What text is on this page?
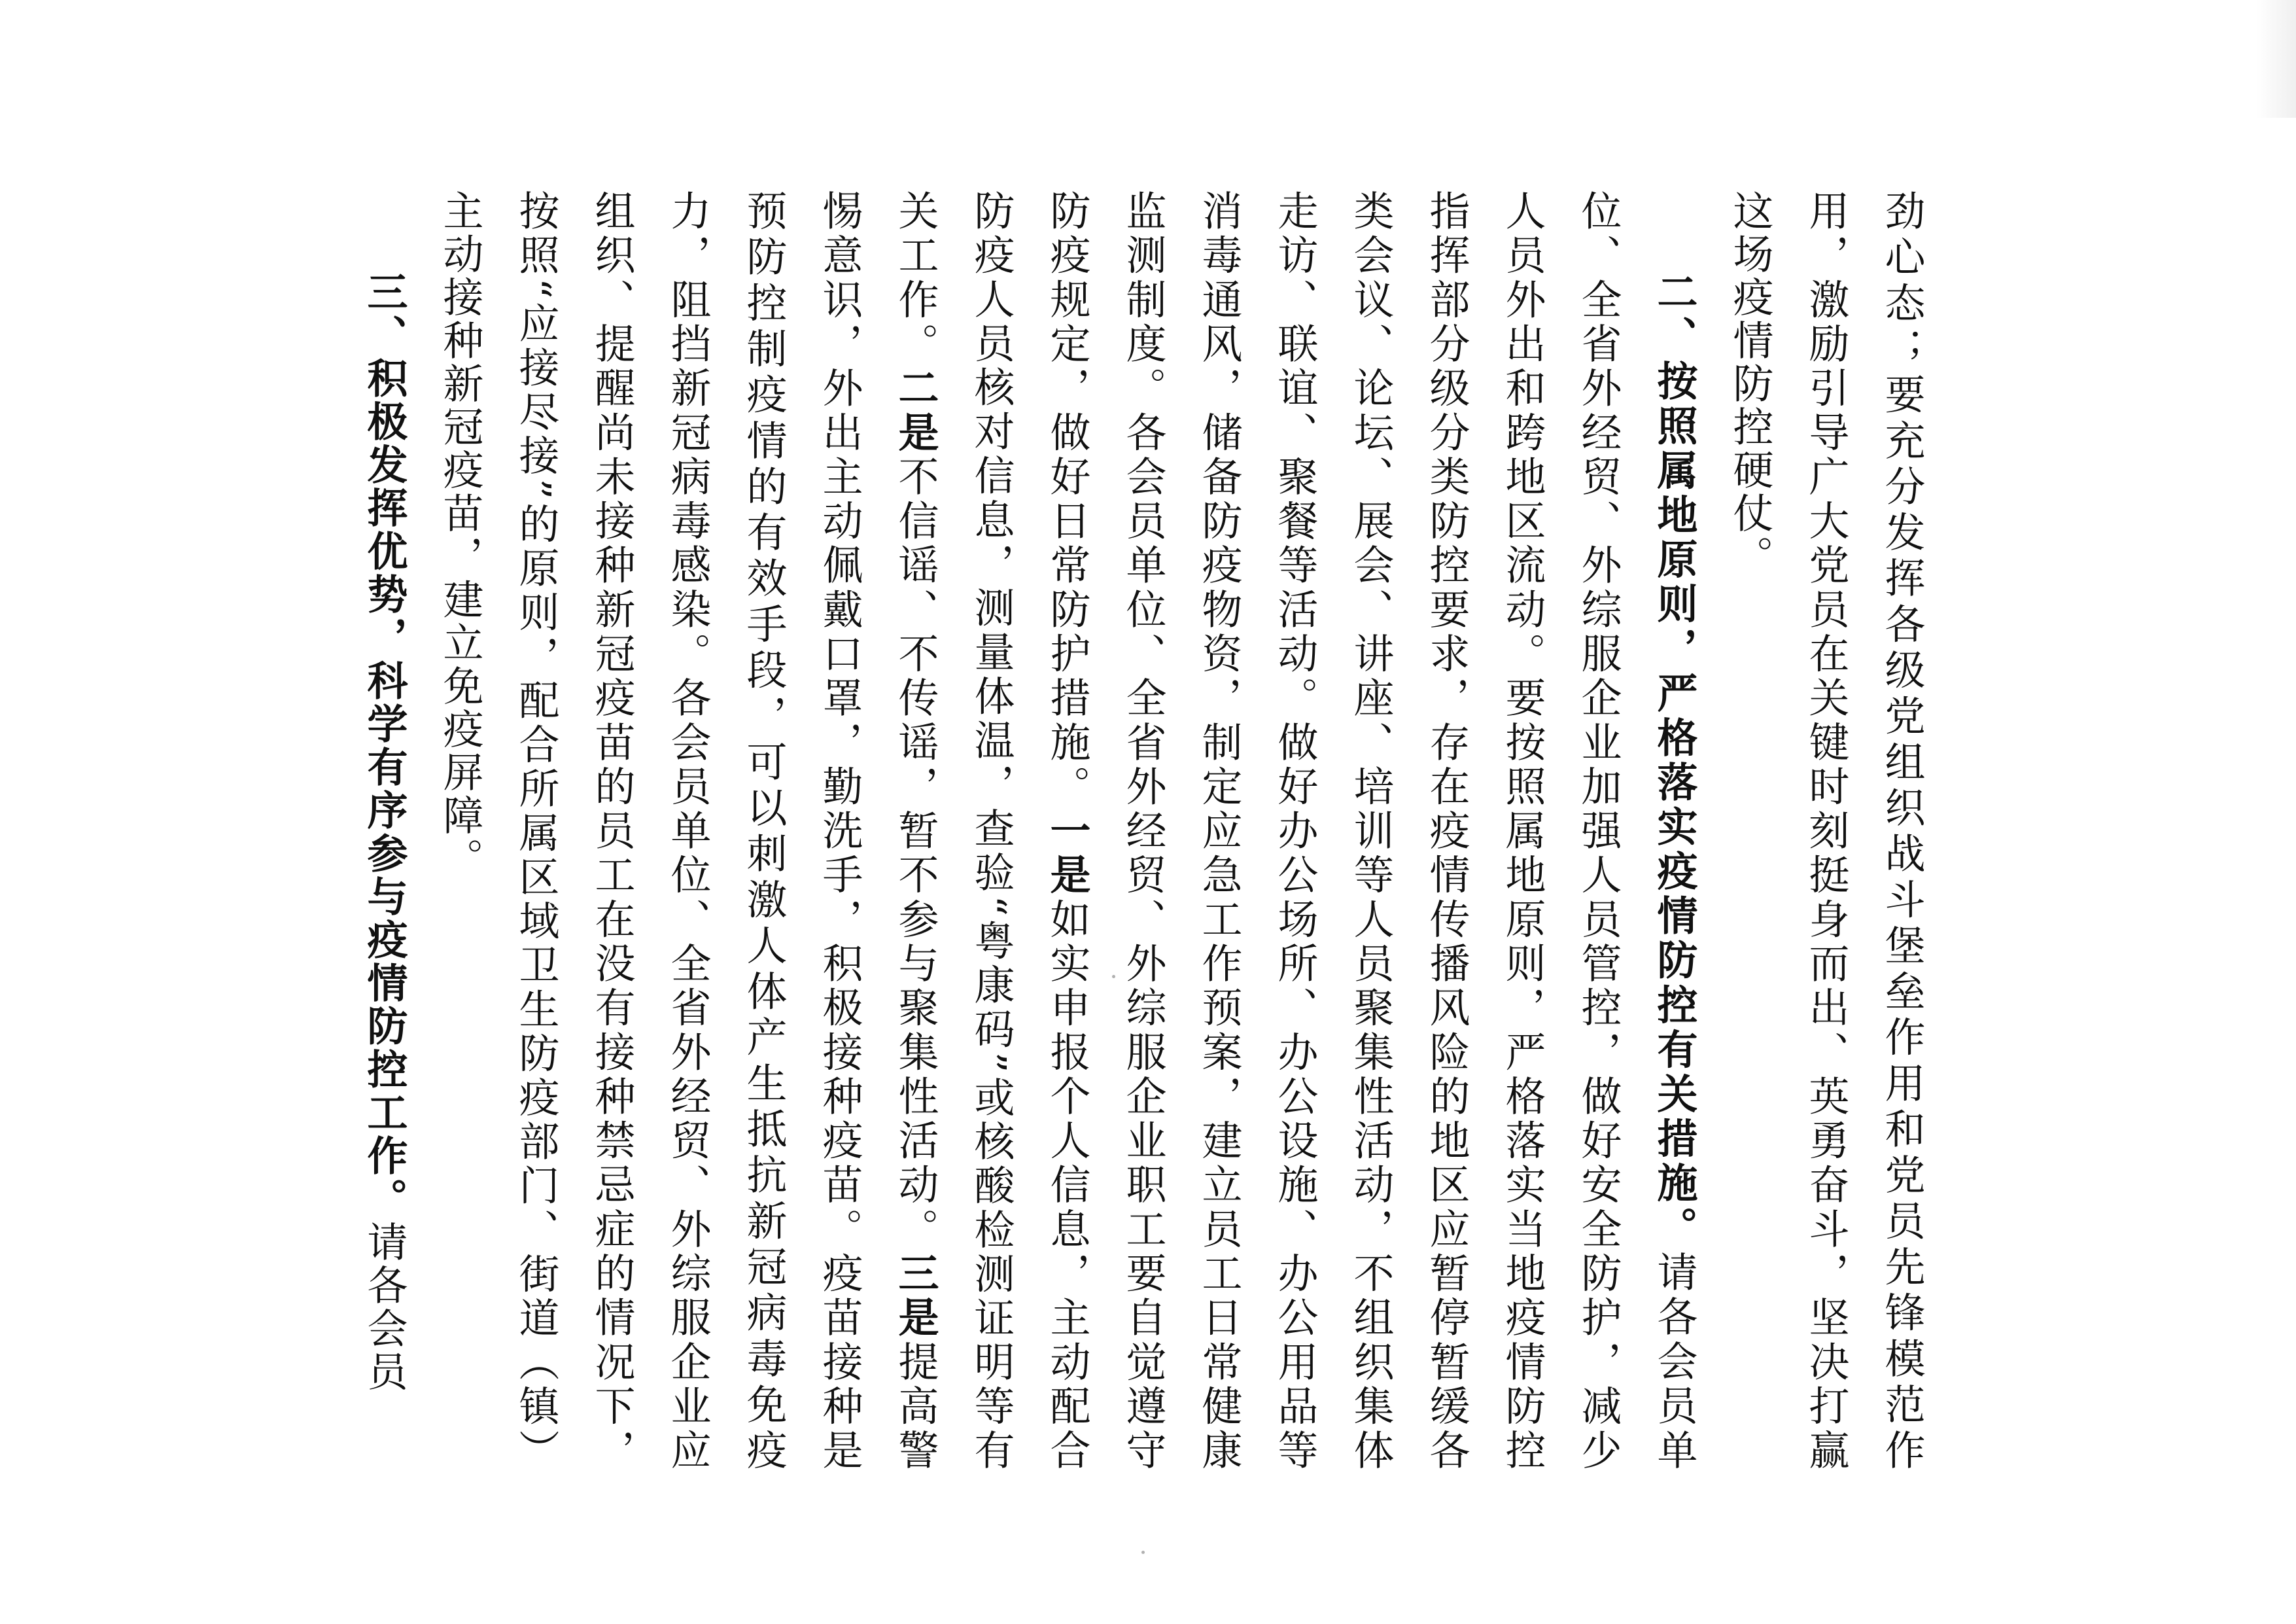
劲心态；要充分发挥各级党组织战斗堡垒作用和党员先锋模范作用，激励引导广大党员在关键时刻挺身而出、英勇奋斗，坚决打赢这场疫情防控硬仗。

二、按照属地原则，严格落实疫情防控有关措施。请各会员单位、全省外经贸、外综服企业加强人员管控，做好安全防护，减少人员外出和跨地区流动。要按照属地原则，严格落实当地疫情防控指挥部分级分类防控要求，存在疫情传播风险的地区应暂停暂缓各类会议、论坛、展会、讲座、培训等人员聚集性活动，不组织集体走访、联谊、聚餐等活动。做好办公场所、办公设施、办公用品等消毒通风，储备防疫物资，制定应急工作预案，建立员工日常健康监测制度。各会员单位、全省外经贸、外综服企业职工要自觉遵守防疫规定，做好日常防护措施。一是如实申报个人信息，主动配合防疫人员核对信息，测量体温，查验“粤康码”或核酸检测证明等有关工作。二是不信谣、不传谣，暂不参与聚集性活动。三是提高警惕意识，外出主动佩戴口罩，勤洗手，积极接种疫苗。疫苗接种是预防控制疫情的有效手段，可以刺激人体产生抵抗新冠病毒免疫力，阻挡新冠病毒感染。各会员单位、全省外经贸、外综服企业应组织、提醒尚未接种新冠疫苗的员工在没有接种禁忌症的情况下，按照“应接尽接”的原则，配合所属区域卫生防疫部门、街道（镇）主动接种新冠疫苗，建立免疫屏障。

三、积极发挥优势，科学有序参与疫情防控工作。请各会员
